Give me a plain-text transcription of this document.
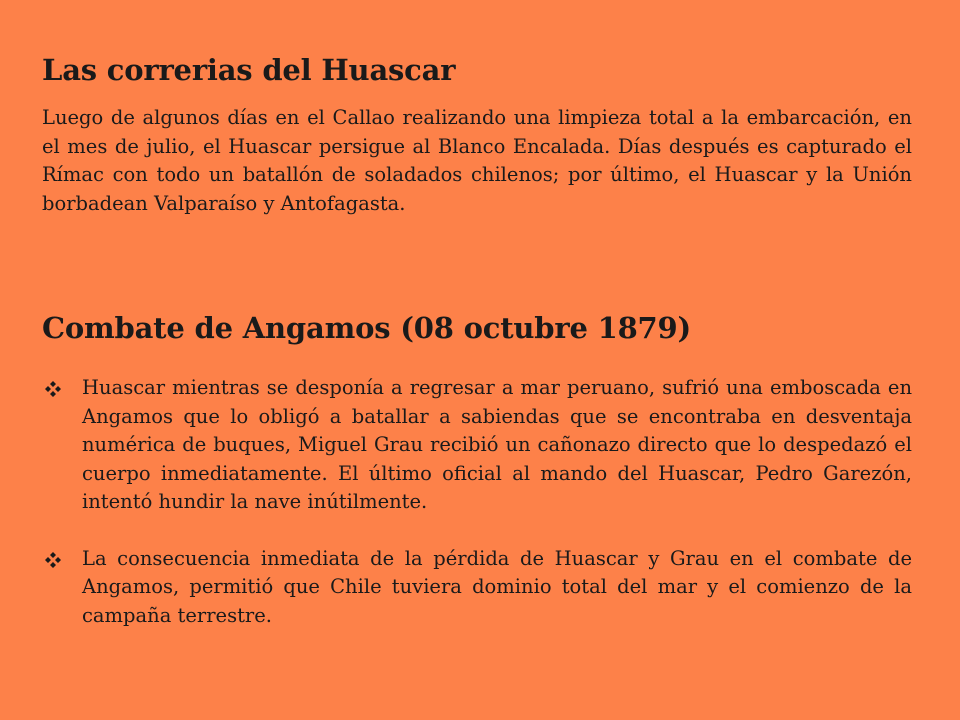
Las correrias del Huascar

Luego de algunos días en el Callao realizando una limpieza total a la embarcación, en el mes de julio, el Huascar persigue al Blanco Encalada. Días después es capturado el Rímac con todo un batallón de soladados chilenos; por último, el Huascar y la Unión borbadean Valparaíso y Antofagasta.

Combate de Angamos (08 octubre 1879)
Huascar mientras se desponía a regresar a mar peruano, sufrió una emboscada en Angamos que lo obligó a batallar a sabiendas que se encontraba en desventaja numérica de buques, Miguel Grau recibió un cañonazo directo que lo despedazó el cuerpo inmediatamente. El último oficial al mando del Huascar, Pedro Garezón, intentó hundir la nave inútilmente.
La consecuencia inmediata de la pérdida de Huascar y Grau en el combate de Angamos, permitió que Chile tuviera dominio total del mar y el comienzo de la campaña terrestre.
